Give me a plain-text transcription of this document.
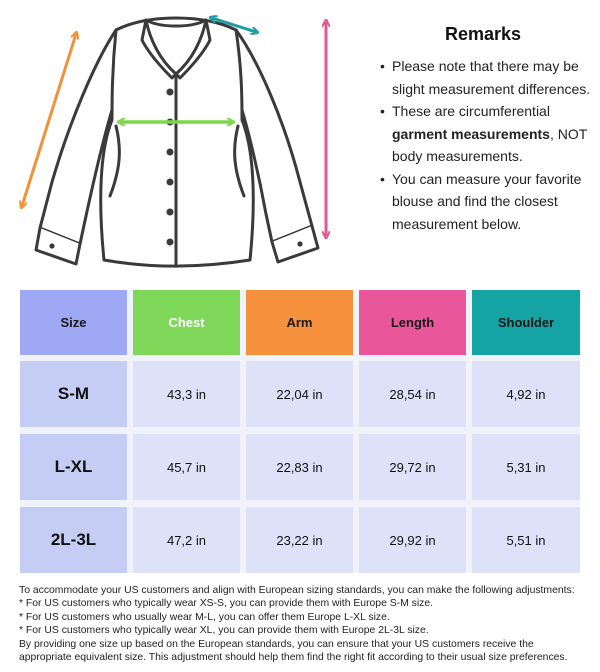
Remarks
• Please note that there may be slight measurement differences.
• These are circumferential garment measurements, NOT body measurements.
• You can measure your favorite blouse and find the closest measurement below.
Size	Chest	Arm	Length	Shoulder
S-M	43,3 in	22,04 in	28,54 in	4,92 in
L-XL	45,7 in	22,83 in	29,72 in	5,31 in
2L-3L	47,2 in	23,22 in	29,92 in	5,51 in

To accommodate your US customers and align with European sizing standards, you can make the following adjustments:

* For US customers who typically wear XS-S, you can provide them with Europe S-M size.

* For US customers who usually wear M-L, you can offer them Europe L-XL size.

* For US customers who typically wear XL, you can provide them with Europe 2L-3L size.

By providing one size up based on the European standards, you can ensure that your US customers receive the

appropriate equivalent size. This adjustment should help them find the right fit according to their usual size preferences.
